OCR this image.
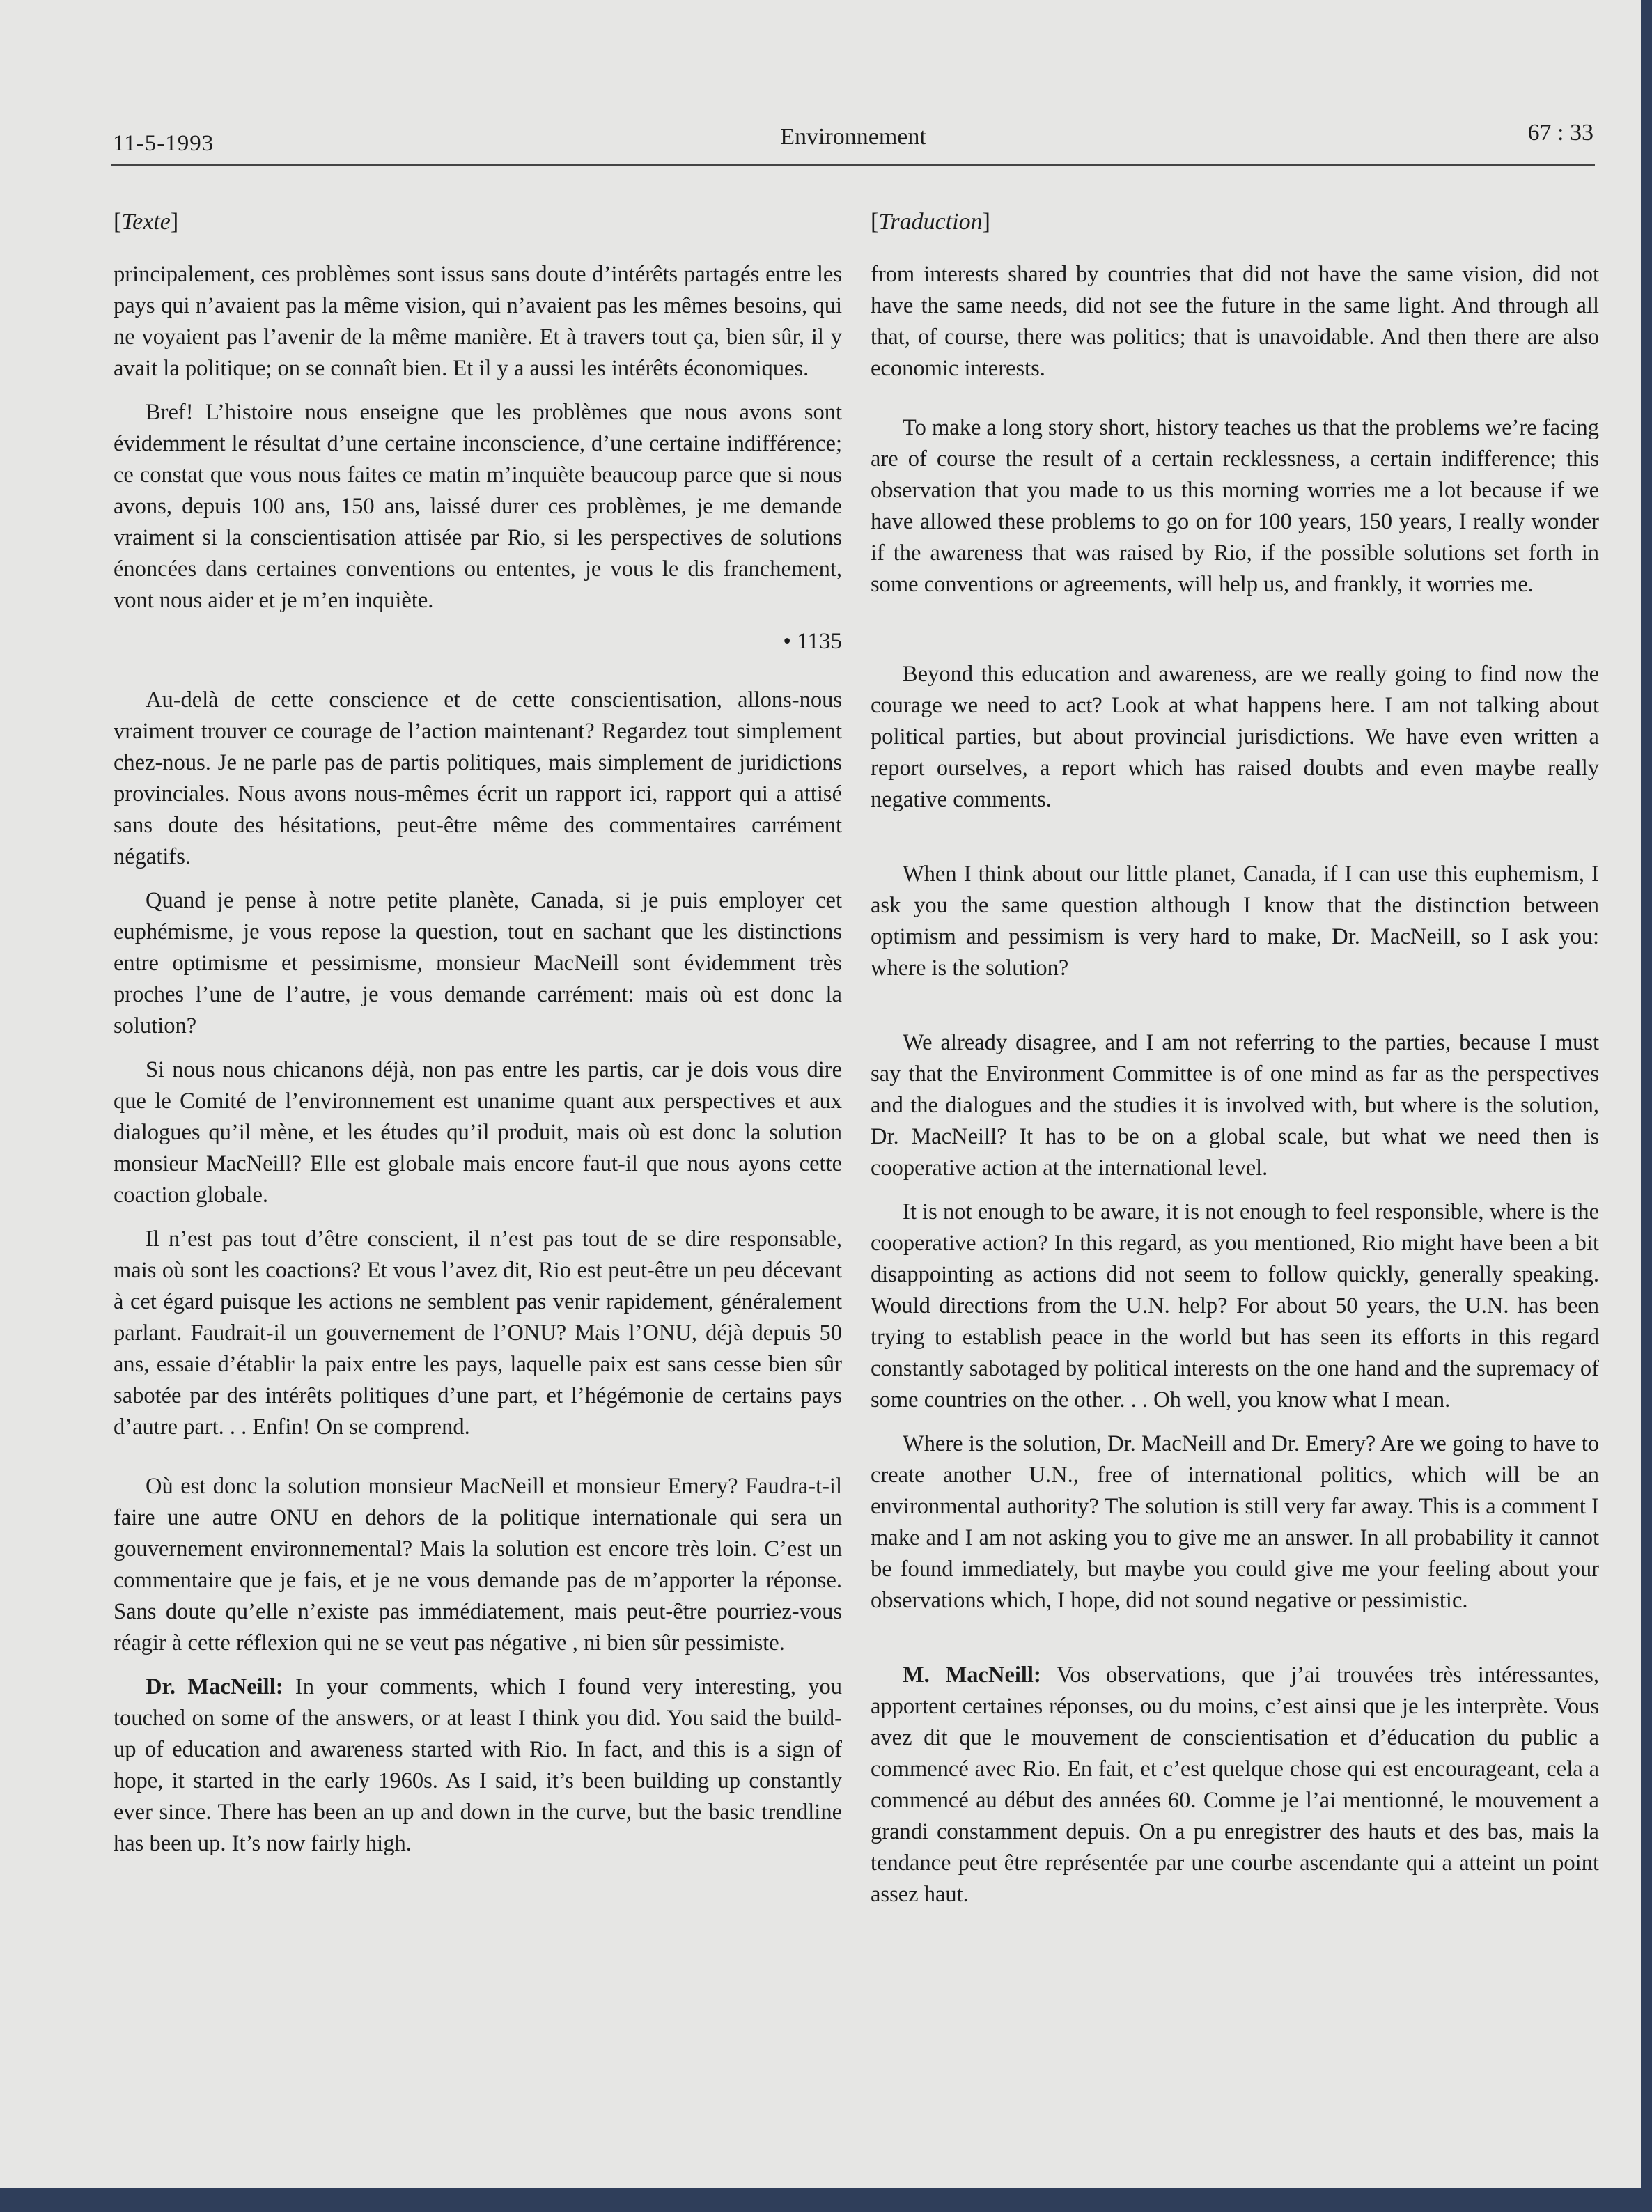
11-5-1993	Environnement	67 : 33
[Texte]

principalement, ces problèmes sont issus sans doute d’intérêts partagés entre les pays qui n’avaient pas la même vision, qui n’avaient pas les mêmes besoins, qui ne voyaient pas l’avenir de la même manière. Et à travers tout ça, bien sûr, il y avait la politique; on se connaît bien. Et il y a aussi les intérêts économiques.

Bref! L’histoire nous enseigne que les problèmes que nous avons sont évidemment le résultat d’une certaine inconscience, d’une certaine indifférence; ce constat que vous nous faites ce matin m’inquiète beaucoup parce que si nous avons, depuis 100 ans, 150 ans, laissé durer ces problèmes, je me demande vraiment si la conscientisation attisée par Rio, si les perspectives de solutions énoncées dans certaines conventions ou ententes, je vous le dis franchement, vont nous aider et je m’en inquiète.

• 1135

Au-delà de cette conscience et de cette conscientisation, allons-nous vraiment trouver ce courage de l’action maintenant? Regardez tout simplement chez-nous. Je ne parle pas de partis politiques, mais simplement de juridictions provinciales. Nous avons nous-mêmes écrit un rapport ici, rapport qui a attisé sans doute des hésitations, peut-être même des commentaires carrément négatifs.

Quand je pense à notre petite planète, Canada, si je puis employer cet euphémisme, je vous repose la question, tout en sachant que les distinctions entre optimisme et pessimisme, monsieur MacNeill sont évidemment très proches l’une de l’autre, je vous demande carrément: mais où est donc la solution?

Si nous nous chicanons déjà, non pas entre les partis, car je dois vous dire que le Comité de l’environnement est unanime quant aux perspectives et aux dialogues qu’il mène, et les études qu’il produit, mais où est donc la solution monsieur MacNeill? Elle est globale mais encore faut-il que nous ayons cette coaction globale.

Il n’est pas tout d’être conscient, il n’est pas tout de se dire responsable, mais où sont les coactions? Et vous l’avez dit, Rio est peut-être un peu décevant à cet égard puisque les actions ne semblent pas venir rapidement, généralement parlant. Faudrait-il un gouvernement de l’ONU? Mais l’ONU, déjà depuis 50 ans, essaie d’établir la paix entre les pays, laquelle paix est sans cesse bien sûr sabotée par des intérêts politiques d’une part, et l’hégémonie de certains pays d’autre part. . . Enfin! On se comprend.

Où est donc la solution monsieur MacNeill et monsieur Emery? Faudra-t-il faire une autre ONU en dehors de la politique internationale qui sera un gouvernement environnemental? Mais la solution est encore très loin. C’est un commentaire que je fais, et je ne vous demande pas de m’apporter la réponse. Sans doute qu’elle n’existe pas immédiatement, mais peut-être pourriez-vous réagir à cette réflexion qui ne se veut pas négative , ni bien sûr pessimiste.

Dr. MacNeill: In your comments, which I found very interesting, you touched on some of the answers, or at least I think you did. You said the build-up of education and awareness started with Rio. In fact, and this is a sign of hope, it started in the early 1960s. As I said, it’s been building up constantly ever since. There has been an up and down in the curve, but the basic trendline has been up. It’s now fairly high.

[Traduction]

from interests shared by countries that did not have the same vision, did not have the same needs, did not see the future in the same light. And through all that, of course, there was politics; that is unavoidable. And then there are also economic interests.

To make a long story short, history teaches us that the problems we’re facing are of course the result of a certain recklessness, a certain indifference; this observation that you made to us this morning worries me a lot because if we have allowed these problems to go on for 100 years, 150 years, I really wonder if the awareness that was raised by Rio, if the possible solutions set forth in some conventions or agreements, will help us, and frankly, it worries me.

Beyond this education and awareness, are we really going to find now the courage we need to act? Look at what happens here. I am not talking about political parties, but about provincial jurisdictions. We have even written a report ourselves, a report which has raised doubts and even maybe really negative comments.

When I think about our little planet, Canada, if I can use this euphemism, I ask you the same question although I know that the distinction between optimism and pessimism is very hard to make, Dr. MacNeill, so I ask you: where is the solution?

We already disagree, and I am not referring to the parties, because I must say that the Environment Committee is of one mind as far as the perspectives and the dialogues and the studies it is involved with, but where is the solution, Dr. MacNeill? It has to be on a global scale, but what we need then is cooperative action at the international level.

It is not enough to be aware, it is not enough to feel responsible, where is the cooperative action? In this regard, as you mentioned, Rio might have been a bit disappointing as actions did not seem to follow quickly, generally speaking. Would directions from the U.N. help? For about 50 years, the U.N. has been trying to establish peace in the world but has seen its efforts in this regard constantly sabotaged by political interests on the one hand and the supremacy of some countries on the other. . . Oh well, you know what I mean.

Where is the solution, Dr. MacNeill and Dr. Emery? Are we going to have to create another U.N., free of international politics, which will be an environmental authority? The solution is still very far away. This is a comment I make and I am not asking you to give me an answer. In all probability it cannot be found immediately, but maybe you could give me your feeling about your observations which, I hope, did not sound negative or pessimistic.

M. MacNeill: Vos observations, que j’ai trouvées très intéressantes, apportent certaines réponses, ou du moins, c’est ainsi que je les interprète. Vous avez dit que le mouvement de conscientisation et d’éducation du public a commencé avec Rio. En fait, et c’est quelque chose qui est encourageant, cela a commencé au début des années 60. Comme je l’ai mentionné, le mouvement a grandi constamment depuis. On a pu enregistrer des hauts et des bas, mais la tendance peut être représentée par une courbe ascendante qui a atteint un point assez haut.
